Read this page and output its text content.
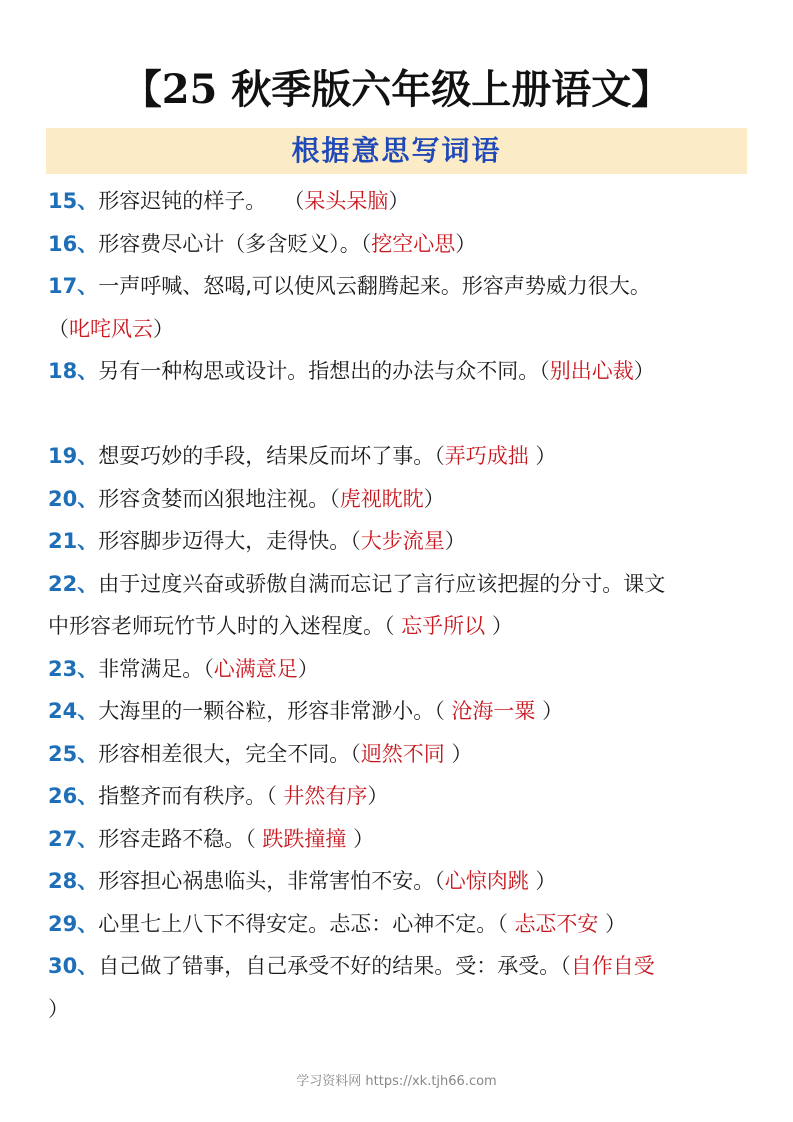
【25 秋季版六年级上册语文】
根据意思写词语
15、形容迟钝的样子。　 （呆头呆脑）
16、形容费尽心计（多含贬义）。（挖空心思）
17、一声呼喊、怒喝,可以使风云翻腾起来。形容声势威力很大。
（叱咤风云）
18、另有一种构思或设计。指想出的办法与众不同。（别出心裁）
19、想耍巧妙的手段，结果反而坏了事。（弄巧成拙 ）
20、形容贪婪而凶狠地注视。（虎视眈眈）
21、形容脚步迈得大，走得快。（大步流星）
22、由于过度兴奋或骄傲自满而忘记了言行应该把握的分寸。课文
中形容老师玩竹节人时的入迷程度。（ 忘乎所以 ）
23、非常满足。（心满意足）
24、大海里的一颗谷粒，形容非常渺小。（ 沧海一粟 ）
25、形容相差很大，完全不同。（迥然不同 ）
26、指整齐而有秩序。（ 井然有序）
27、形容走路不稳。（ 跌跌撞撞 ）
28、形容担心祸患临头，非常害怕不安。（心惊肉跳 ）
29、心里七上八下不得安定。忐忑：心神不定。（ 忐忑不安 ）
30、自己做了错事，自己承受不好的结果。受：承受。（自作自受
）
学习资料网 https://xk.tjh66.com
